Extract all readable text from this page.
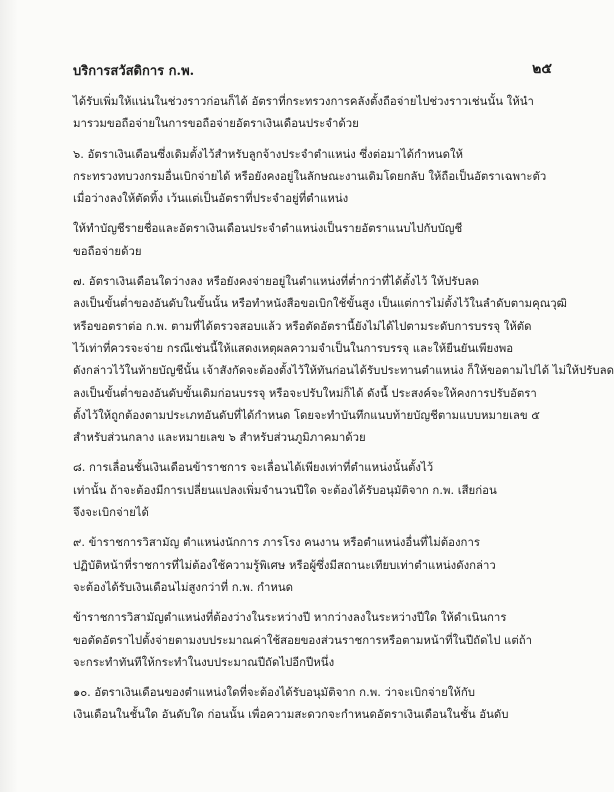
บริการสวัสดิการ ก.พ.	๒๕

ได้รับเพิ่มให้แน่นในช่วงราวก่อนก็ได้ อัตราที่กระทรวงการคลังตั้งถือจ่ายไปช่วงราวเช่นนั้น ให้นำ
มารวมขอถือจ่ายในการขอถือจ่ายอัตราเงินเดือนประจำด้วย

๖. อัตราเงินเดือนซึ่งเดิมตั้งไว้สำหรับลูกจ้างประจำตำแหน่ง ซึ่งต่อมาได้กำหนดให้
กระทรวงทบวงกรมอื่นเบิกจ่ายได้ หรือยังคงอยู่ในลักษณะงานเดิมโดยกลับ ให้ถือเป็นอัตราเฉพาะตัว
เมื่อว่างลงให้ตัดทิ้ง เว้นแต่เป็นอัตราที่ประจำอยู่ที่ตำแหน่ง

ให้ทำบัญชีรายชื่อและอัตราเงินเดือนประจำตำแหน่งเป็นรายอัตราแนบไปกับบัญชี
ขอถือจ่ายด้วย

๗. อัตราเงินเดือนใดว่างลง หรือยังคงจ่ายอยู่ในตำแหน่งที่ต่ำกว่าที่ได้ตั้งไว้ ให้ปรับลด
ลงเป็นขั้นต่ำของอันดับในขั้นนั้น หรือทำหนังสือขอเบิกใช้ขั้นสูง เป็นแต่การไม่ตั้งไว้ในลำดับตามคุณวุฒิ
หรือขอตราต่อ ก.พ. ตามที่ได้ตรวจสอบแล้ว หรือตัดอัตรานี้ยังไม่ได้ไปตามระดับการบรรจุ ให้ตัด
ไว้เท่าที่ควรจะจ่าย กรณีเช่นนี้ให้แสดงเหตุผลความจำเป็นในการบรรจุ และให้ยืนยันเพียงพอ
ดังกล่าวไว้ในท้ายบัญชีนั้น เจ้าสังกัดจะต้องตั้งไว้ให้ทันก่อนได้รับประทานตำแหน่ง ก็ให้ขอตามไปได้ ไม่ให้ปรับลด
ลงเป็นขั้นต่ำของอันดับขั้นเดิมก่อนบรรจุ หรือจะปรับใหม่ก็ได้ ดังนี้ ประสงค์จะให้คงการปรับอัตรา
ตั้งไว้ให้ถูกต้องตามประเภทอันดับที่ได้กำหนด โดยจะทำบันทึกแนบท้ายบัญชีตามแบบหมายเลข ๕
สำหรับส่วนกลาง และหมายเลข ๖ สำหรับส่วนภูมิภาคมาด้วย

๘. การเลื่อนชั้นเงินเดือนข้าราชการ จะเลื่อนได้เพียงเท่าที่ตำแหน่งนั้นตั้งไว้
เท่านั้น ถ้าจะต้องมีการเปลี่ยนแปลงเพิ่มจำนวนปีใด จะต้องได้รับอนุมัติจาก ก.พ. เสียก่อน
จึงจะเบิกจ่ายได้

๙. ข้าราชการวิสามัญ ตำแหน่งนักการ ภารโรง คนงาน หรือตำแหน่งอื่นที่ไม่ต้องการ
ปฏิบัติหน้าที่ราชการที่ไม่ต้องใช้ความรู้พิเศษ หรือผู้ซึ่งมีสถานะเทียบเท่าตำแหน่งดังกล่าว
จะต้องได้รับเงินเดือนไม่สูงกว่าที่ ก.พ. กำหนด

ข้าราชการวิสามัญตำแหน่งที่ต้องว่างในระหว่างปี หากว่างลงในระหว่างปีใด ให้ดำเนินการ
ขอตัดอัตราไปตั้งจ่ายตามงบประมาณค่าใช้สอยของส่วนราชการหรือตามหน้าที่ในปีถัดไป แต่ถ้า
จะกระทำทันทีให้กระทำในงบประมาณปีถัดไปอีกปีหนึ่ง

๑๐. อัตราเงินเดือนของตำแหน่งใดที่จะต้องได้รับอนุมัติจาก ก.พ. ว่าจะเบิกจ่ายให้กับ
เงินเดือนในชั้นใด อันดับใด ก่อนนั้น เพื่อความสะดวกจะกำหนดอัตราเงินเดือนในชั้น อันดับ
